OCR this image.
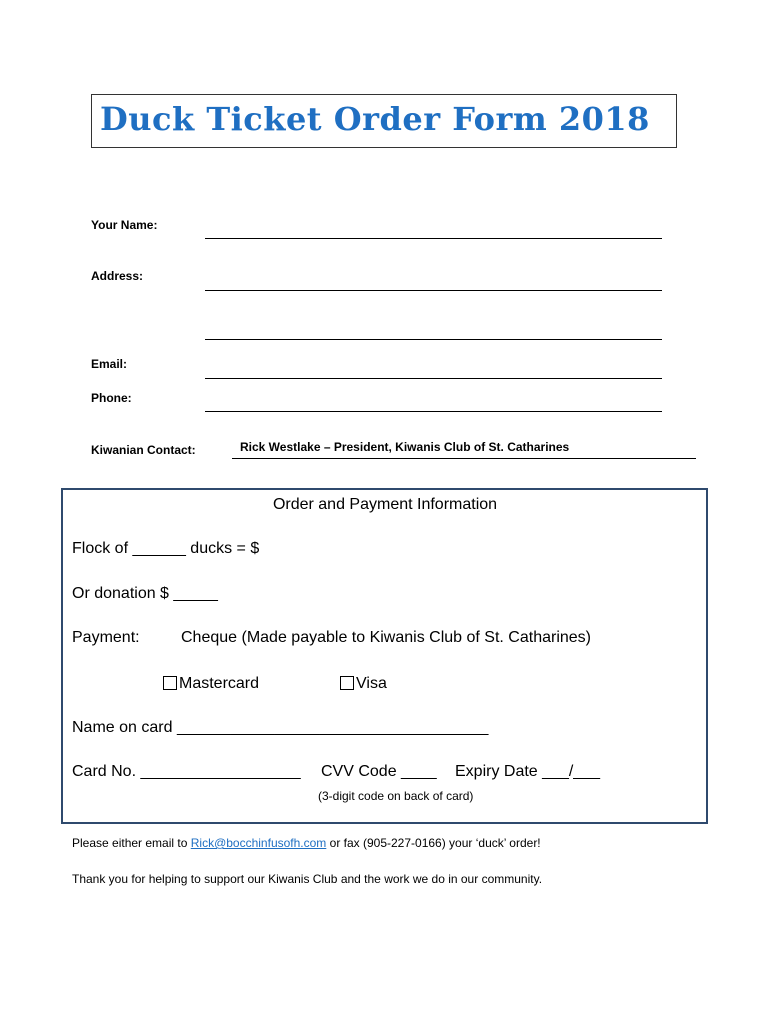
Duck Ticket Order Form 2018
Your Name:
Address:
Email:
Phone:
Kiwanian Contact:	Rick Westlake – President, Kiwanis Club of St. Catharines
Order and Payment Information
Flock of ______ ducks = $
Or donation $ _____
Payment:	Cheque (Made payable to Kiwanis Club of St. Catharines)
Mastercard	Visa
Name on card ___________________________________
Card No. __________________ CVV Code ____ Expiry Date ___/___
(3-digit code on back of card)
Please either email to Rick@bocchinfusofh.com or fax (905-227-0166) your ‘duck’ order!
Thank you for helping to support our Kiwanis Club and the work we do in our community.
